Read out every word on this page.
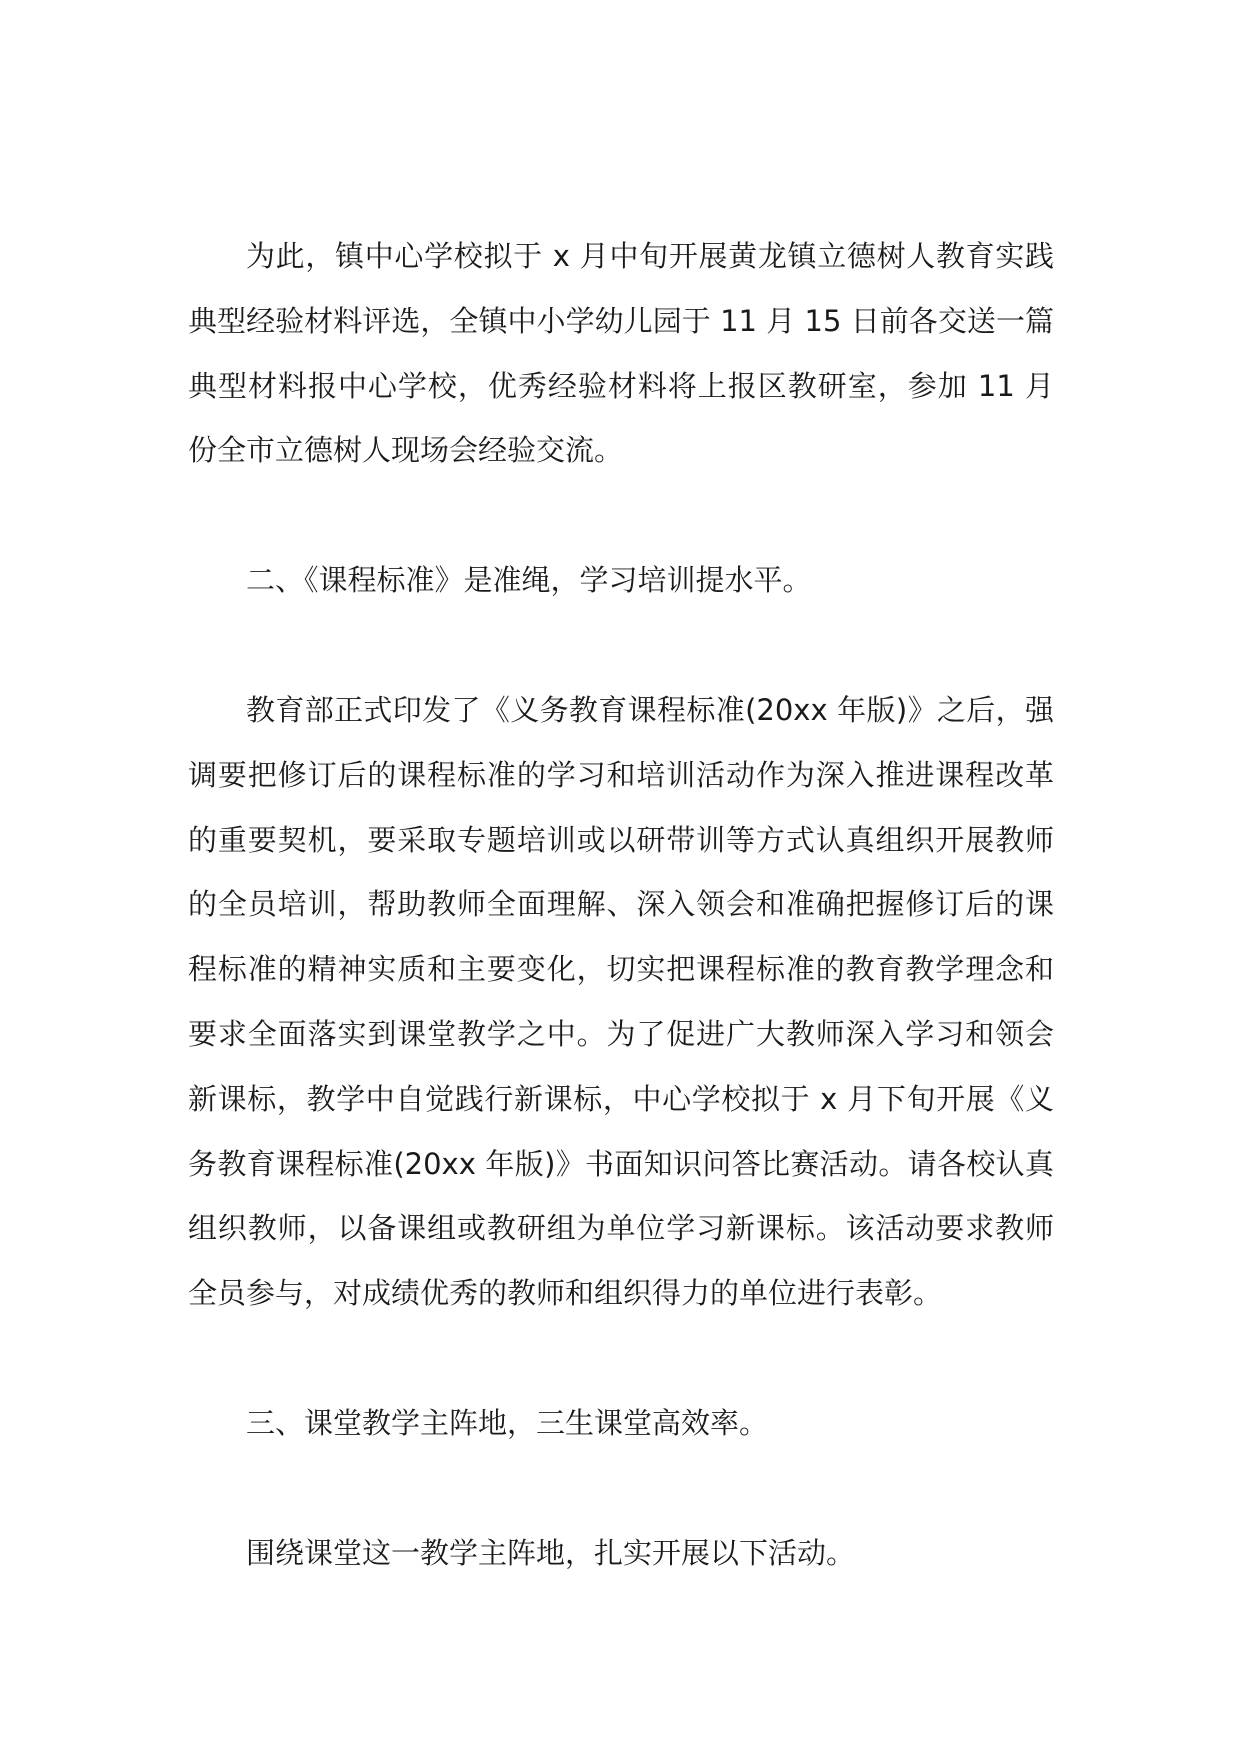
为此，镇中心学校拟于 x 月中旬开展黄龙镇立德树人教育实践典型经验材料评选，全镇中小学幼儿园于 11 月 15 日前各交送一篇典型材料报中心学校，优秀经验材料将上报区教研室，参加 11 月份全市立德树人现场会经验交流。

二、《课程标准》是准绳，学习培训提水平。

教育部正式印发了《义务教育课程标准(20xx 年版)》之后，强调要把修订后的课程标准的学习和培训活动作为深入推进课程改革的重要契机，要采取专题培训或以研带训等方式认真组织开展教师的全员培训，帮助教师全面理解、深入领会和准确把握修订后的课程标准的精神实质和主要变化，切实把课程标准的教育教学理念和要求全面落实到课堂教学之中。为了促进广大教师深入学习和领会新课标，教学中自觉践行新课标，中心学校拟于 x 月下旬开展《义务教育课程标准(20xx 年版)》书面知识问答比赛活动。请各校认真组织教师，以备课组或教研组为单位学习新课标。该活动要求教师全员参与，对成绩优秀的教师和组织得力的单位进行表彰。

三、课堂教学主阵地，三生课堂高效率。

围绕课堂这一教学主阵地，扎实开展以下活动。
